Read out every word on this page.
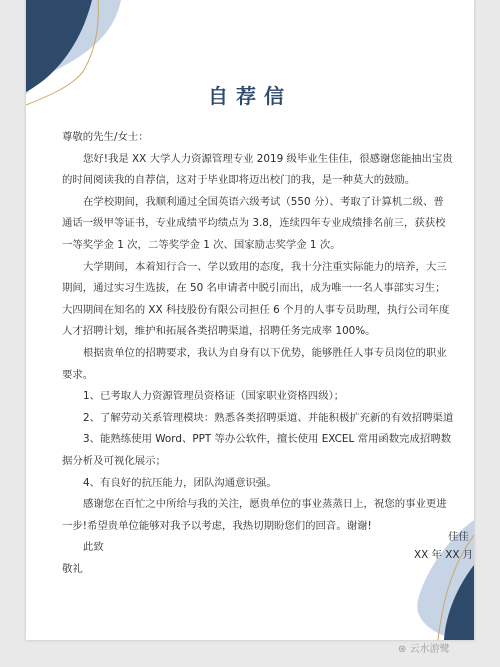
自荐信

尊敬的先生/女士：

您好!我是 XX 大学人力资源管理专业 2019 级毕业生佳佳，很感谢您能抽出宝贵的时间阅读我的自荐信，这对于毕业即将迈出校门的我，是一种莫大的鼓励。

在学校期间，我顺利通过全国英语六级考试（550 分）、考取了计算机二级、普通话一级甲等证书，专业成绩平均绩点为 3.8，连续四年专业成绩排名前三，获获校一等奖学金 1 次，二等奖学金 1 次、国家励志奖学金 1 次。

大学期间，本着知行合一、学以致用的态度，我十分注重实际能力的培养，大三期间，通过实习生选拔，在 50 名申请者中脱引而出，成为唯一一名人事部实习生；大四期间在知名的 XX 科技股份有限公司担任 6 个月的人事专员助理，执行公司年度人才招聘计划，维护和拓展各类招聘渠道，招聘任务完成率 100%。

根据贵单位的招聘要求，我认为自身有以下优势，能够胜任人事专员岗位的职业要求。

1、已考取人力资源管理员资格证（国家职业资格四级）；

2、了解劳动关系管理模块：熟悉各类招聘渠道、并能积极扩充新的有效招聘渠道

3、能熟练使用 Word、PPT 等办公软件，擅长使用 EXCEL 常用函数完成招聘数据分析及可视化展示；

4、有良好的抗压能力，团队沟通意识强。

感谢您在百忙之中所给与我的关注，愿贵单位的事业蒸蒸日上，祝您的事业更进一步!希望贵单位能够对我予以考虑，我热切期盼您们的回音。谢谢!

此致

敬礼

佳佳
XX 年 XX 月
⊛ 云水游鹭
